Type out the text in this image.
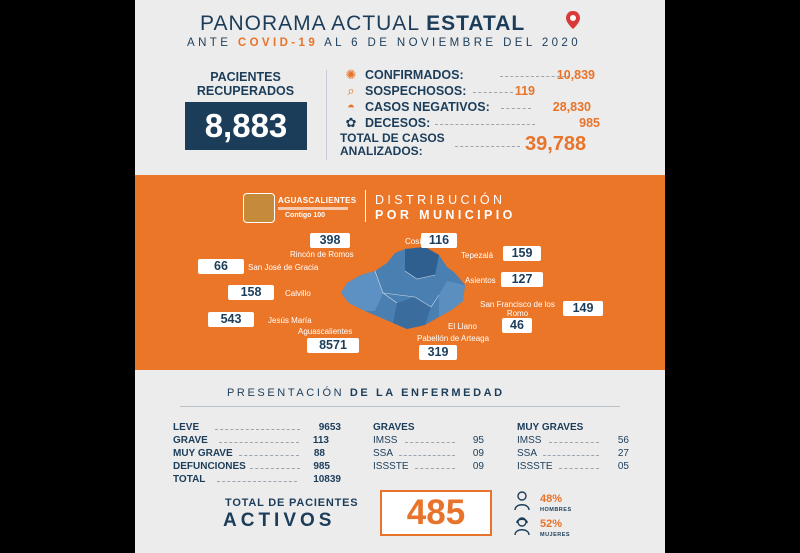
PANORAMA ACTUAL ESTATAL
ANTE COVID-19 AL 6 DE NOVIEMBRE DEL 2020
PACIENTES RECUPERADOS
8,883
✺ CONFIRMADOS:	10,839
⌕ SOSPECHOSOS:	119
◓ CASOS NEGATIVOS:	28,830
✿ DECESOS:	985
TOTAL DE CASOS
ANALIZADOS:	39,788
AGUASCALIENTES
Contigo 100
DISTRIBUCIÓN
POR MUNICIPIO
398
Rincón de Romos
116
Cosío
159
Tepezalá
66	San José de Gracia
127
Asientos
158	Calvillo
149
San Francisco de los Romo
543	Jesús María	46
El Llano
Aguascalientes
8571	Pabellón de Arteaga
319
PRESENTACIÓN DE LA ENFERMEDAD
LEVE	9653
GRAVE	113
MUY GRAVE	88
DEFUNCIONES	985
TOTAL	10839
GRAVES
IMSS	95
SSA	09
ISSSTE	09
MUY GRAVES
IMSS	56
SSA	27
ISSSTE	05
TOTAL DE PACIENTES
ACTIVOS	485	48%
HOMBRES
52%
MUJERES
